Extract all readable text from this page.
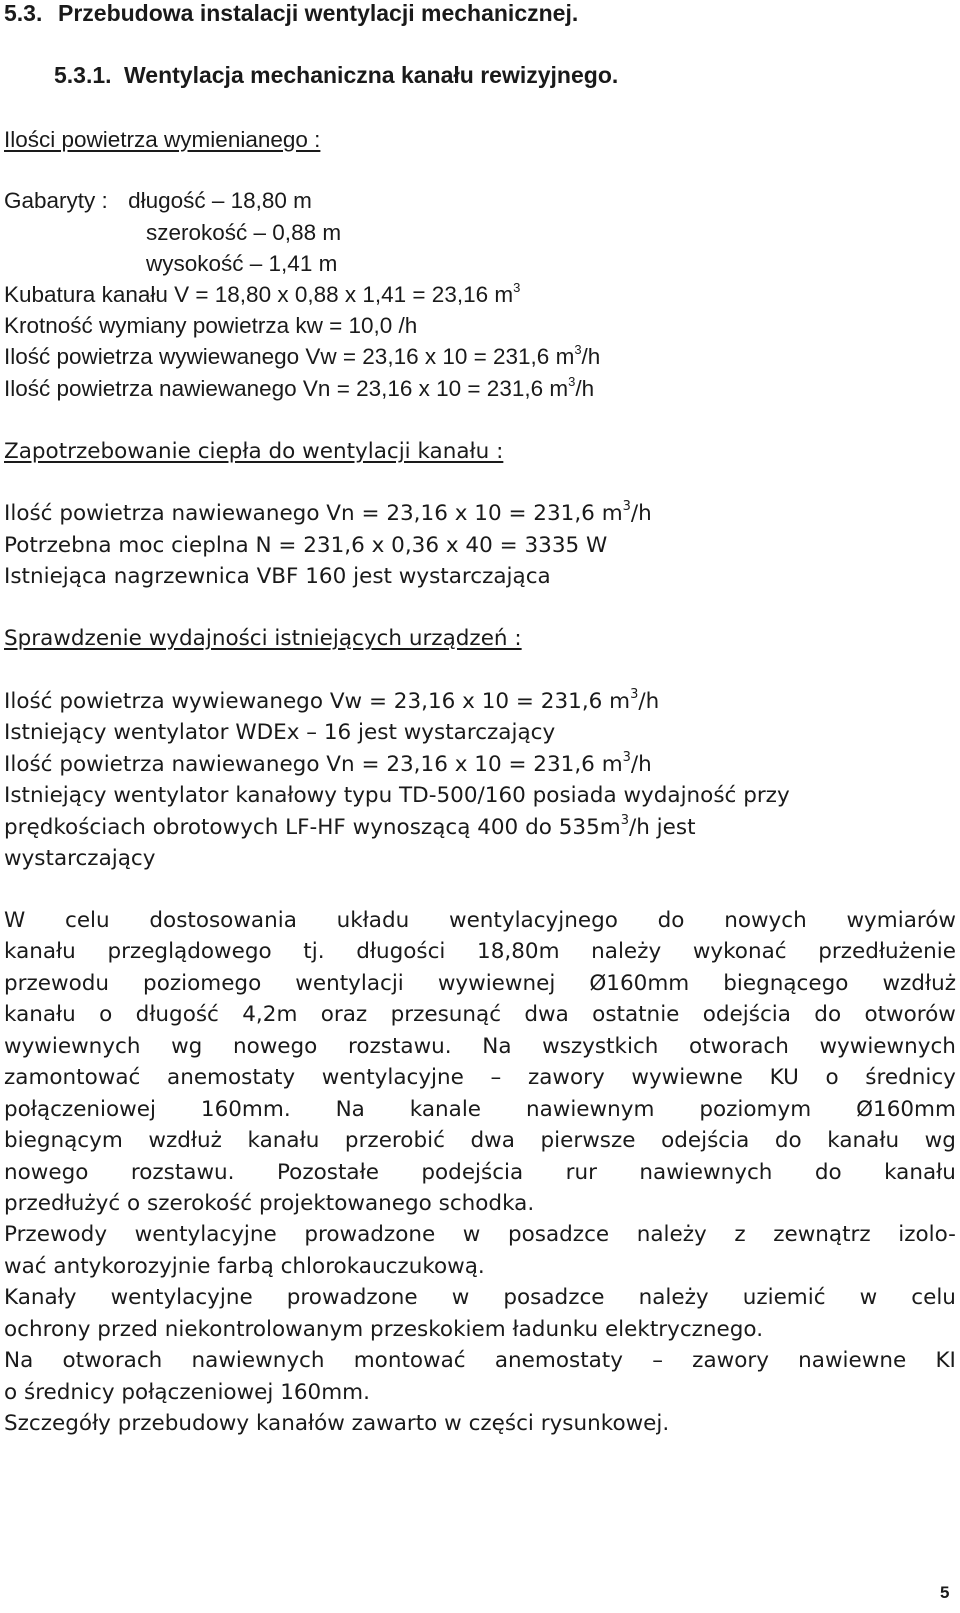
5.3. Przebudowa instalacji wentylacji mechanicznej.
5.3.1. Wentylacja mechaniczna kanału rewizyjnego.
Ilości powietrza wymienianego :
Gabaryty : długość – 18,80 m
szerokość – 0,88 m
wysokość – 1,41 m
Kubatura kanału V = 18,80 x 0,88 x 1,41 = 23,16 $m^3$
Krotność wymiany powietrza kw = 10,0 /h
Ilość powietrza wywiewanego Vw = 23,16 x 10 = 231,6 $m^3/h$
Ilość powietrza nawiewanego Vn = 23,16 x 10 = 231,6 $m^3/h$
Zapotrzebowanie ciepła do wentylacji kanału :
Ilość powietrza nawiewanego Vn = 23,16 x 10 = 231,6 $m^3/h$
Potrzebna moc cieplna N = 231,6 x 0,36 x 40 = 3335 W
Istniejąca nagrzewnica VBF 160 jest wystarczająca
Sprawdzenie wydajności istniejących urządzeń :
Ilość powietrza wywiewanego Vw = 23,16 x 10 = 231,6 $m^3/h$
Istniejący wentylator WDEx – 16 jest wystarczający
Ilość powietrza nawiewanego Vn = 23,16 x 10 = 231,6 $m^3/h$
Istniejący wentylator kanałowy typu TD-500/160 posiada wydajność przy
prędkościach obrotowych LF-HF wynoszącą 400 do $535m^3/h$ jest
wystarczający
W celu dostosowania układu wentylacyjnego do nowych wymiarów
kanału przeglądowego tj. długości 18,80m należy wykonać przedłużenie
przewodu poziomego wentylacji wywiewnej Ø160mm biegnącego wzdłuż
kanału o długość 4,2m oraz przesunąć dwa ostatnie odejścia do otworów
wywiewnych wg nowego rozstawu. Na wszystkich otworach wywiewnych
zamontować anemostaty wentylacyjne – zawory wywiewne KU o średnicy
połączeniowej 160mm. Na kanale nawiewnym poziomym Ø160mm
biegnącym wzdłuż kanału przerobić dwa pierwsze odejścia do kanału wg
nowego rozstawu. Pozostałe podejścia rur nawiewnych do kanału
przedłużyć o szerokość projektowanego schodka.
Przewody wentylacyjne prowadzone w posadzce należy z zewnątrz izolo-
wać antykorozyjnie farbą chlorokauczukową.
Kanały wentylacyjne prowadzone w posadzce należy uziemić w celu
ochrony przed niekontrolowanym przeskokiem ładunku elektrycznego.
Na otworach nawiewnych montować anemostaty – zawory nawiewne KI
o średnicy połączeniowej 160mm.
Szczegóły przebudowy kanałów zawarto w części rysunkowej.
5
